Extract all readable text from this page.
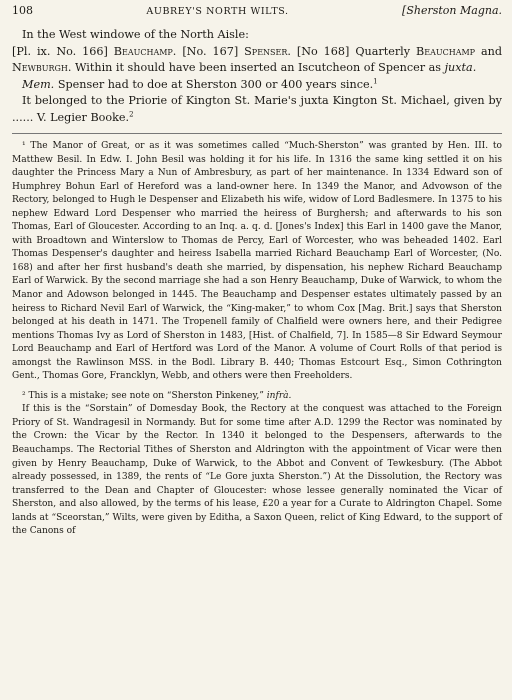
108	AUBREY'S NORTH WILTS.	[Sherston Magna.

In the West windowe of the North Aisle:

[Pl. ix. No. 166] Beauchamp. [No. 167] Spenser. [No 168] Quarterly Beauchamp and Newburgh. Within it should have been inserted an Iscutcheon of Spencer as juxta.

Mem. Spenser had to doe at Sherston 300 or 400 years since.$^1$

It belonged to the Priorie of Kington St. Marie's juxta Kington St. Michael, given by ...... V. Legier Booke.$^2$

¹ The Manor of Great, or as it was sometimes called “Much-Sherston” was granted by Hen. III. to Matthew Besil. In Edw. I. John Besil was holding it for his life. In 1316 the same king settled it on his daughter the Princess Mary a Nun of Ambresbury, as part of her maintenance. In 1334 Edward son of Humphrey Bohun Earl of Hereford was a land-owner here. In 1349 the Manor, and Advowson of the Rectory, belonged to Hugh le Despenser and Elizabeth his wife, widow of Lord Badlesmere. In 1375 to his nephew Edward Lord Despenser who married the heiress of Burghersh; and afterwards to his son Thomas, Earl of Gloucester. According to an Inq. a. q. d. [Jones's Index] this Earl in 1400 gave the Manor, with Broadtown and Winterslow to Thomas de Percy, Earl of Worcester, who was beheaded 1402. Earl Thomas Despenser's daughter and heiress Isabella married Richard Beauchamp Earl of Worcester, (No. 168) and after her first husband's death she married, by dispensation, his nephew Richard Beauchamp Earl of Warwick. By the second marriage she had a son Henry Beauchamp, Duke of Warwick, to whom the Manor and Adowson belonged in 1445. The Beauchamp and Despenser estates ultimately passed by an heiress to Richard Nevil Earl of Warwick, the “King-maker,” to whom Cox [Mag. Brit.] says that Sherston belonged at his death in 1471. The Tropenell family of Chalfield were owners here, and their Pedigree mentions Thomas Ivy as Lord of Sherston in 1483, [Hist. of Chalfield, 7]. In 1585—8 Sir Edward Seymour Lord Beauchamp and Earl of Hertford was Lord of the Manor. A volume of Court Rolls of that period is amongst the Rawlinson MSS. in the Bodl. Library B. 440; Thomas Estcourt Esq., Simon Cothrington Gent., Thomas Gore, Francklyn, Webb, and others were then Freeholders.

² This is a mistake; see note on “Sherston Pinkeney,” infrà.

If this is the “Sorstain” of Domesday Book, the Rectory at the conquest was attached to the Foreign Priory of St. Wandragesil in Normandy. But for some time after A.D. 1299 the Rector was nominated by the Crown: the Vicar by the Rector. In 1340 it belonged to the Despensers, afterwards to the Beauchamps. The Rectorial Tithes of Sherston and Aldrington with the appointment of Vicar were then given by Henry Beauchamp, Duke of Warwick, to the Abbot and Convent of Tewkesbury. (The Abbot already possessed, in 1389, the rents of “Le Gore juxta Sherston.”) At the Dissolution, the Rectory was transferred to the Dean and Chapter of Gloucester: whose lessee generally nominated the Vicar of Sherston, and also allowed, by the terms of his lease, £20 a year for a Curate to Aldrington Chapel. Some lands at “Sceorstan,” Wilts, were given by Editha, a Saxon Queen, relict of King Edward, to the support of the Canons of
